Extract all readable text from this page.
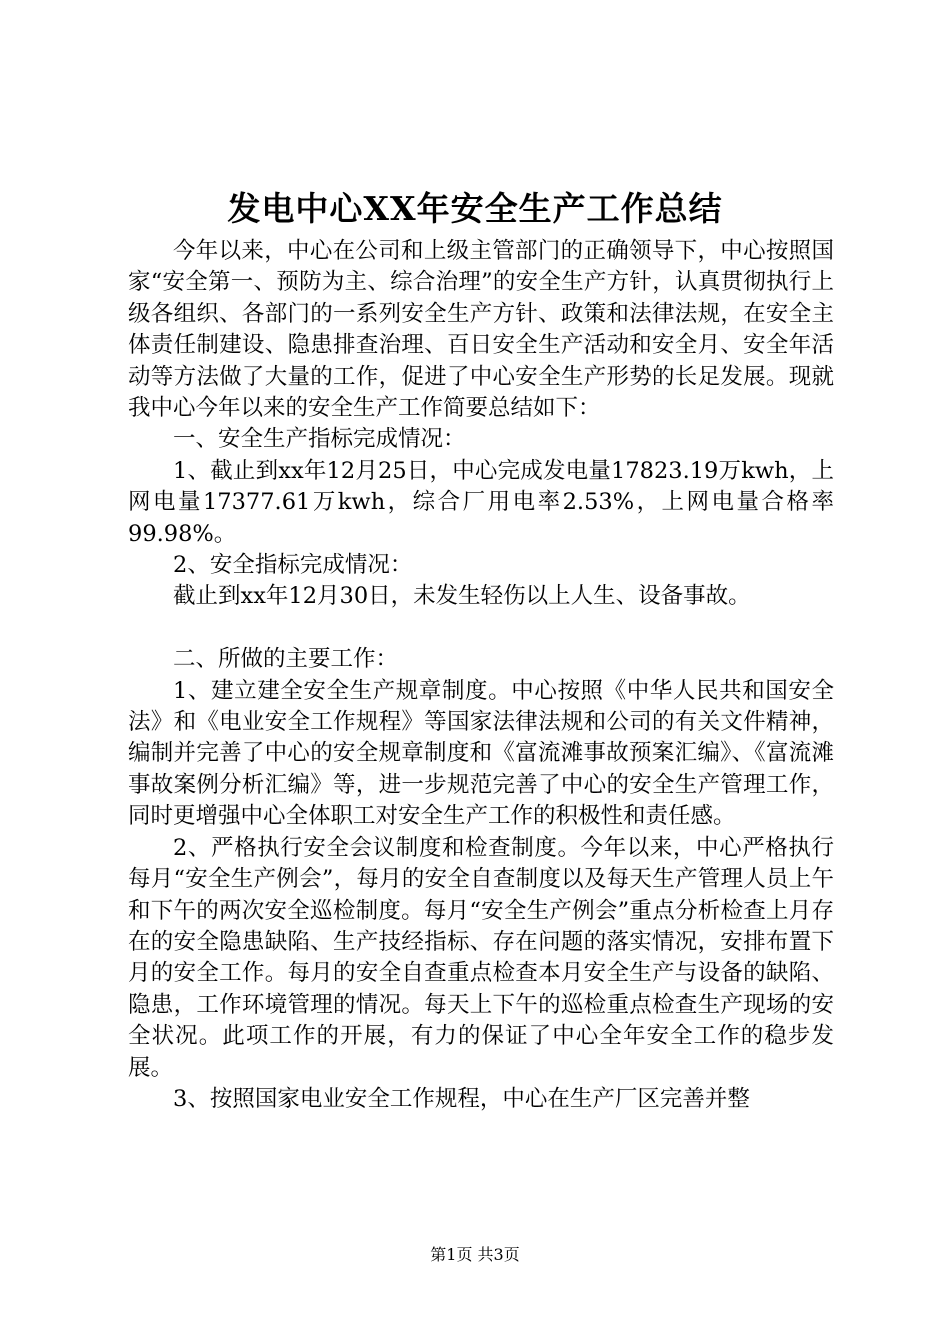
发电中心XX年安全生产工作总结

今年以来，中心在公司和上级主管部门的正确领导下，中心按照国家“安全第一、预防为主、综合治理”的安全生产方针，认真贯彻执行上级各组织、各部门的一系列安全生产方针、政策和法律法规，在安全主体责任制建设、隐患排查治理、百日安全生产活动和安全月、安全年活动等方法做了大量的工作，促进了中心安全生产形势的长足发展。现就我中心今年以来的安全生产工作简要总结如下：

一、安全生产指标完成情况：

1、截止到xx年12月25日，中心完成发电量17823.19万kwh，上网电量17377.61万kwh，综合厂用电率2.53%，上网电量合格率99.98%。

2、安全指标完成情况：

截止到xx年12月30日，未发生轻伤以上人生、设备事故。

二、所做的主要工作：

1、建立建全安全生产规章制度。中心按照《中华人民共和国安全法》和《电业安全工作规程》等国家法律法规和公司的有关文件精神，编制并完善了中心的安全规章制度和《富流滩事故预案汇编》、《富流滩事故案例分析汇编》等，进一步规范完善了中心的安全生产管理工作，同时更增强中心全体职工对安全生产工作的积极性和责任感。

2、严格执行安全会议制度和检查制度。今年以来，中心严格执行每月“安全生产例会”，每月的安全自查制度以及每天生产管理人员上午和下午的两次安全巡检制度。每月“安全生产例会”重点分析检查上月存在的安全隐患缺陷、生产技经指标、存在问题的落实情况，安排布置下月的安全工作。每月的安全自查重点检查本月安全生产与设备的缺陷、隐患，工作环境管理的情况。每天上下午的巡检重点检查生产现场的安全状况。此项工作的开展，有力的保证了中心全年安全工作的稳步发展。

3、按照国家电业安全工作规程，中心在生产厂区完善并整

第1页 共3页
